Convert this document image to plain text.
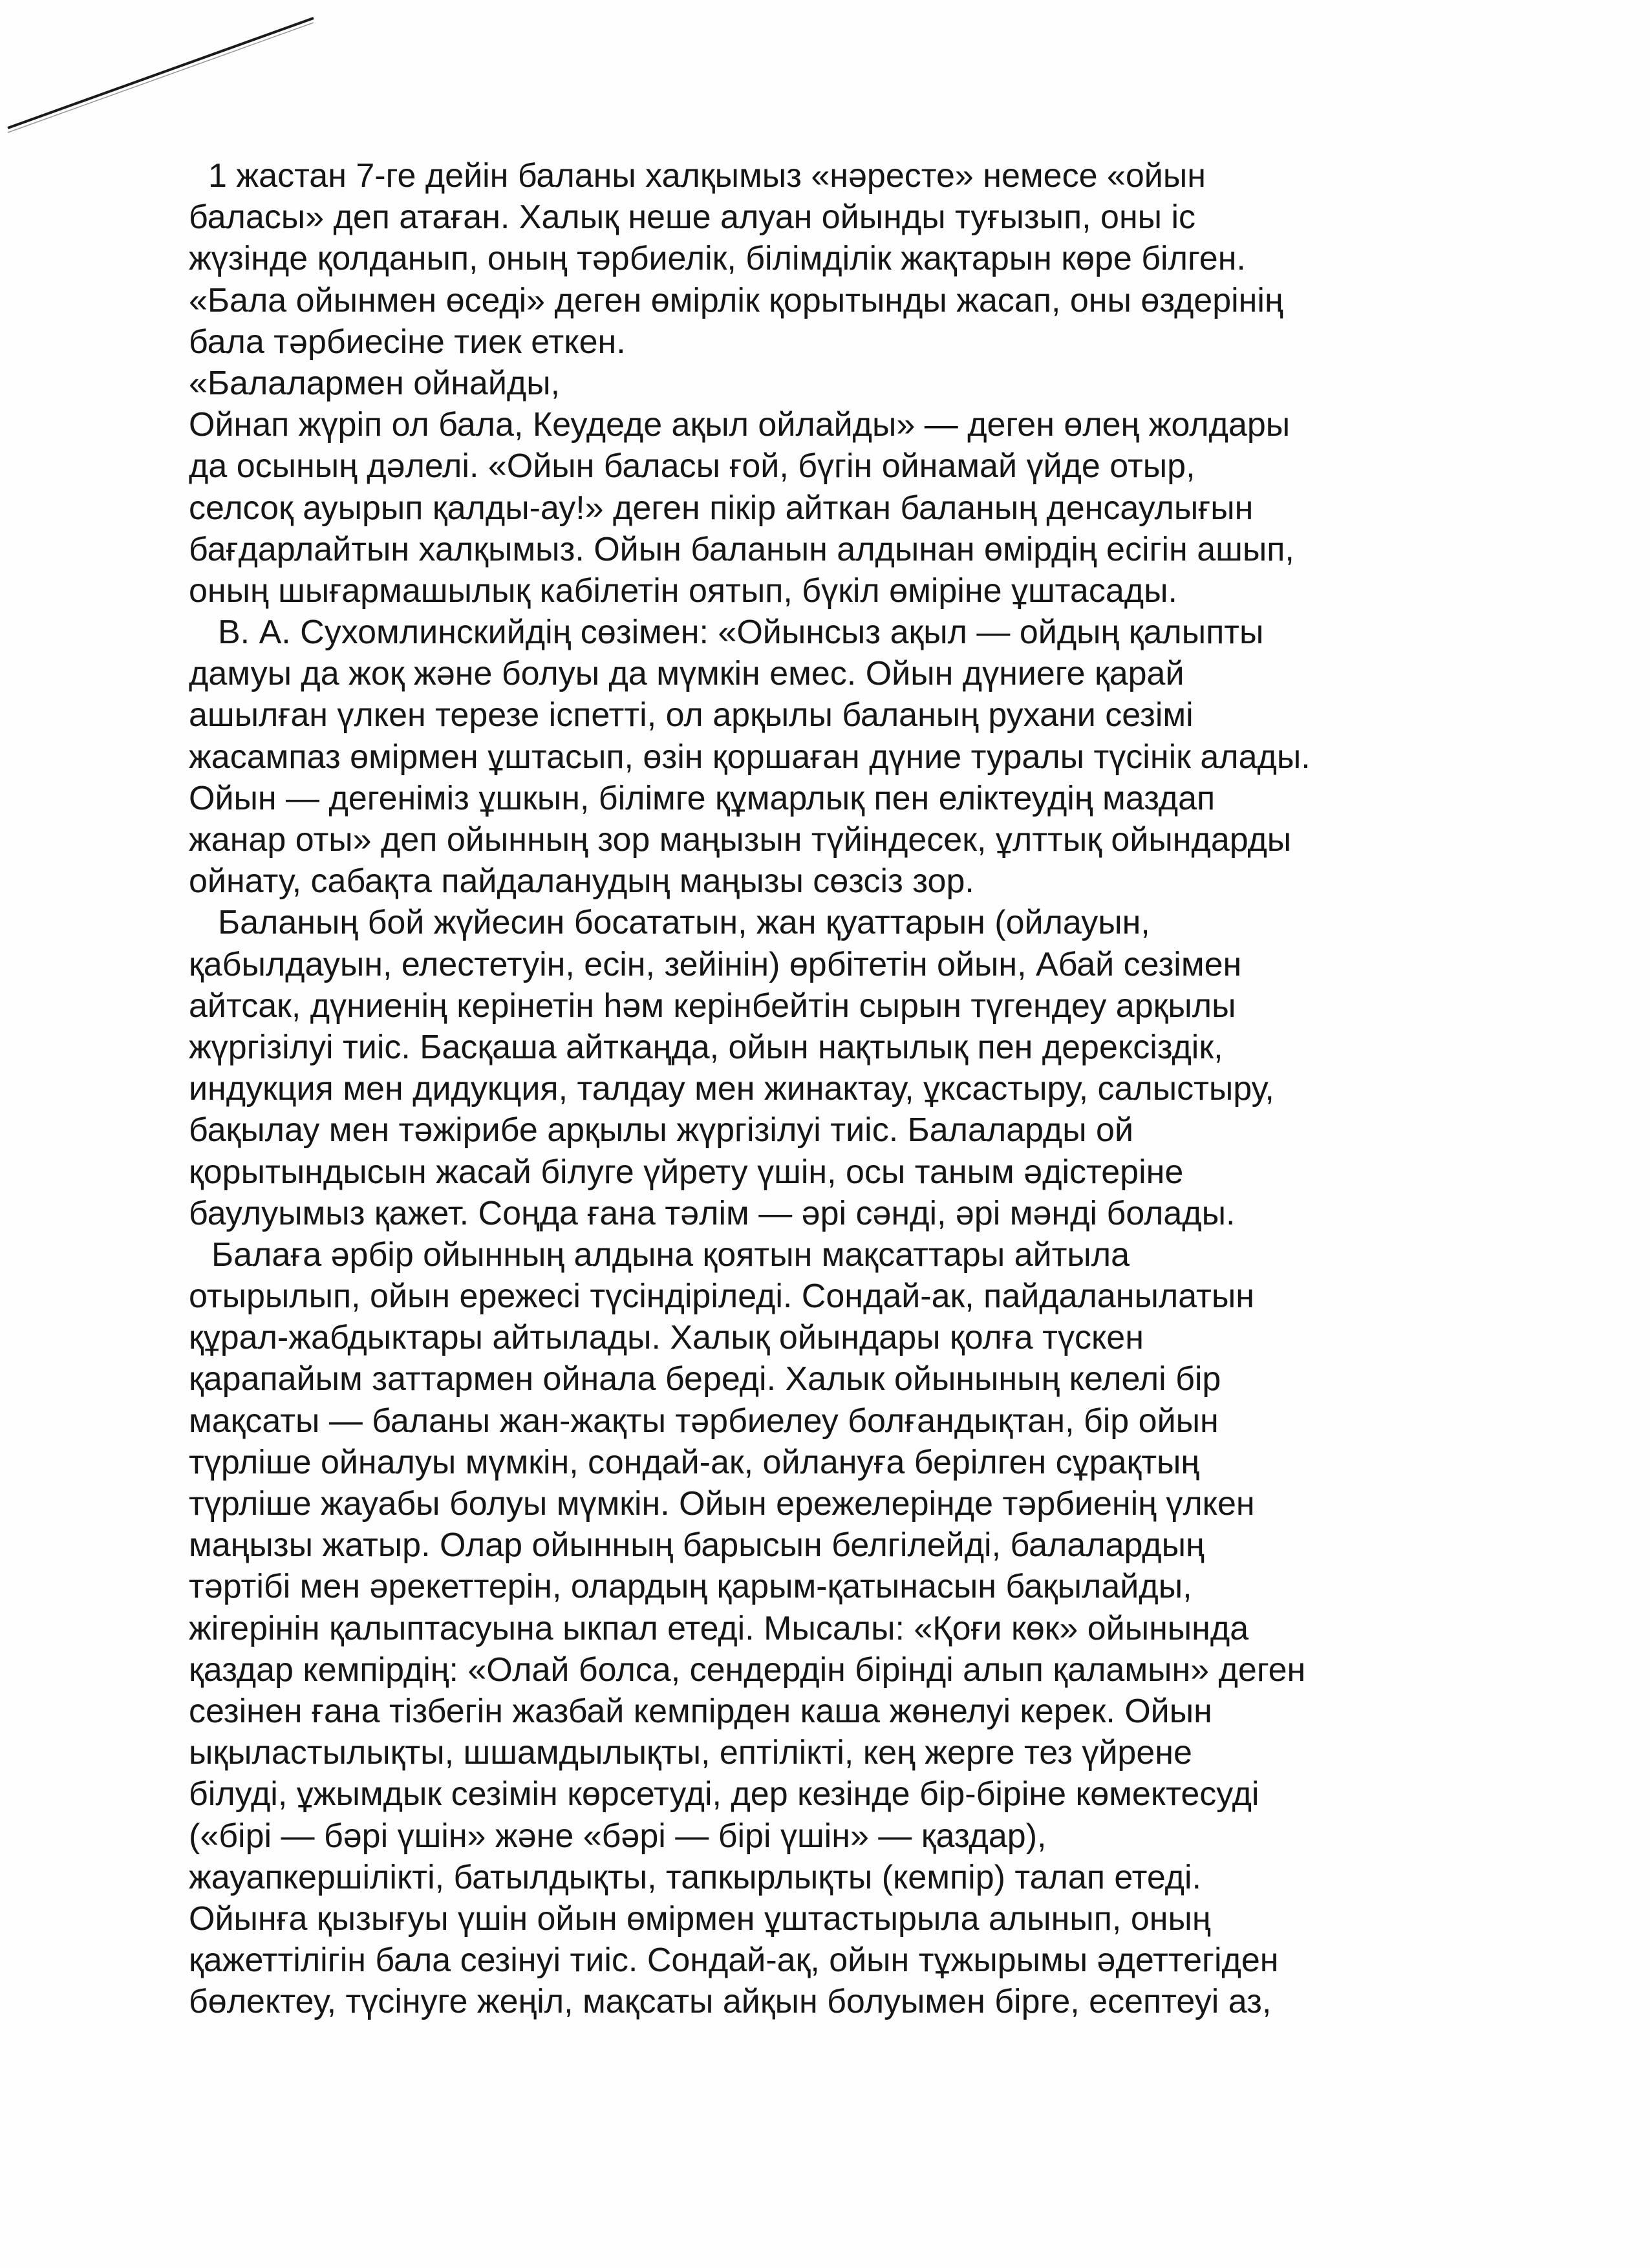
1 жастан 7-ге дейін баланы халқымыз «нәресте» немесе «ойын
баласы» деп атаған. Халық неше алуан ойынды туғызып, оны іс
жүзінде қолданып, оның тәрбиелік, білімділік жақтарын көре білген.
«Бала ойынмен өседі» деген өмірлік қорытынды жасап, оны өздерінің
бала тәрбиесіне тиек еткен.
«Балалармен ойнайды,
Ойнап жүріп ол бала, Кеудеде ақыл ойлайды» — деген өлең жолдары
да осының дәлелі. «Ойын баласы ғой, бүгін ойнамай үйде отыр,
селсоқ ауырып қалды-ау!» деген пікір айткан баланың денсаулығын
бағдарлайтын халқымыз. Ойын баланын алдынан өмірдің есігін ашып,
оның шығармашылық кабілетін оятып, бүкіл өміріне ұштасады.
В. А. Сухомлинскийдің сөзімен: «Ойынсыз ақыл — ойдың қалыпты
дамуы да жоқ және болуы да мүмкін емес. Ойын дүниеге қарай
ашылған үлкен терезе іспетті, ол арқылы баланың рухани сезімі
жасампаз өмірмен ұштасып, өзін қоршаған дүние туралы түсінік алады.
Ойын — дегеніміз ұшкын, білімге құмарлық пен еліктеудің маздап
жанар оты» деп ойынның зор маңызын түйіндесек, ұлттық ойындарды
ойнату, сабақта пайдаланудың маңызы сөзсіз зор.
Баланың бой жүйесин босататын, жан қуаттарын (ойлауын,
қабылдауын, елестетуін, есін, зейінін) өрбітетін ойын, Абай сезімен
айтсак, дүниенің керінетін һәм керінбейтін сырын түгендеу арқылы
жүргізілуі тиіс. Басқаша айткаңда, ойын нақтылық пен дерексіздік,
индукция мен дидукция, талдау мен жинактау, ұксастыру, салыстыру,
бақылау мен тәжірибе арқылы жүргізілуі тиіс. Балаларды ой
қорытындысын жасай білуге үйрету үшін, осы таным әдістеріне
баулуымыз қажет. Соңда ғана тәлім — әрі сәнді, әрі мәнді болады.
Балаға әрбір ойынның алдына қоятын мақсаттары айтыла
отырылып, ойын ережесі түсіндіріледі. Сондай-ак, пайдаланылатын
құрал-жабдыктары айтылады. Халық ойындары қолға түскен
қарапайым заттармен ойнала береді. Халык ойынының келелі бір
мақсаты — баланы жан-жақты тәрбиелеу болғандықтан, бір ойын
түрліше ойналуы мүмкін, сондай-ак, ойлануға берілген сұрақтың
түрліше жауабы болуы мүмкін. Ойын ережелерінде тәрбиенің үлкен
маңызы жатыр. Олар ойынның барысын белгілейді, балалардың
тәртібі мен әрекеттерін, олардың қарым-қатынасын бақылайды,
жігерінін қалыптасуына ыкпал етеді. Мысалы: «Қоғи көк» ойынында
қаздар кемпірдің: «Олай болса, сендердін бірінді алып қаламын» деген
сезінен ғана тізбегін жазбай кемпірден каша жөнелуі керек. Ойын
ықыластылықты, шшамдылықты, ептілікті, кең жерге тез үйрене
білуді, ұжымдык сезімін көрсетуді, дер кезінде бір-біріне көмектесуді
(«бірі — бәрі үшін» және «бәрі — бірі үшін» — қаздар),
жауапкершілікті, батылдықты, тапкырлықты (кемпір) талап етеді.
Ойынға қызығуы үшін ойын өмірмен ұштастырыла алынып, оның
қажеттілігін бала сезінуі тиіс. Сондай-ақ, ойын тұжырымы әдеттегіден
бөлектеу, түсінуге жеңіл, мақсаты айқын болуымен бірге, есептеуі аз,
